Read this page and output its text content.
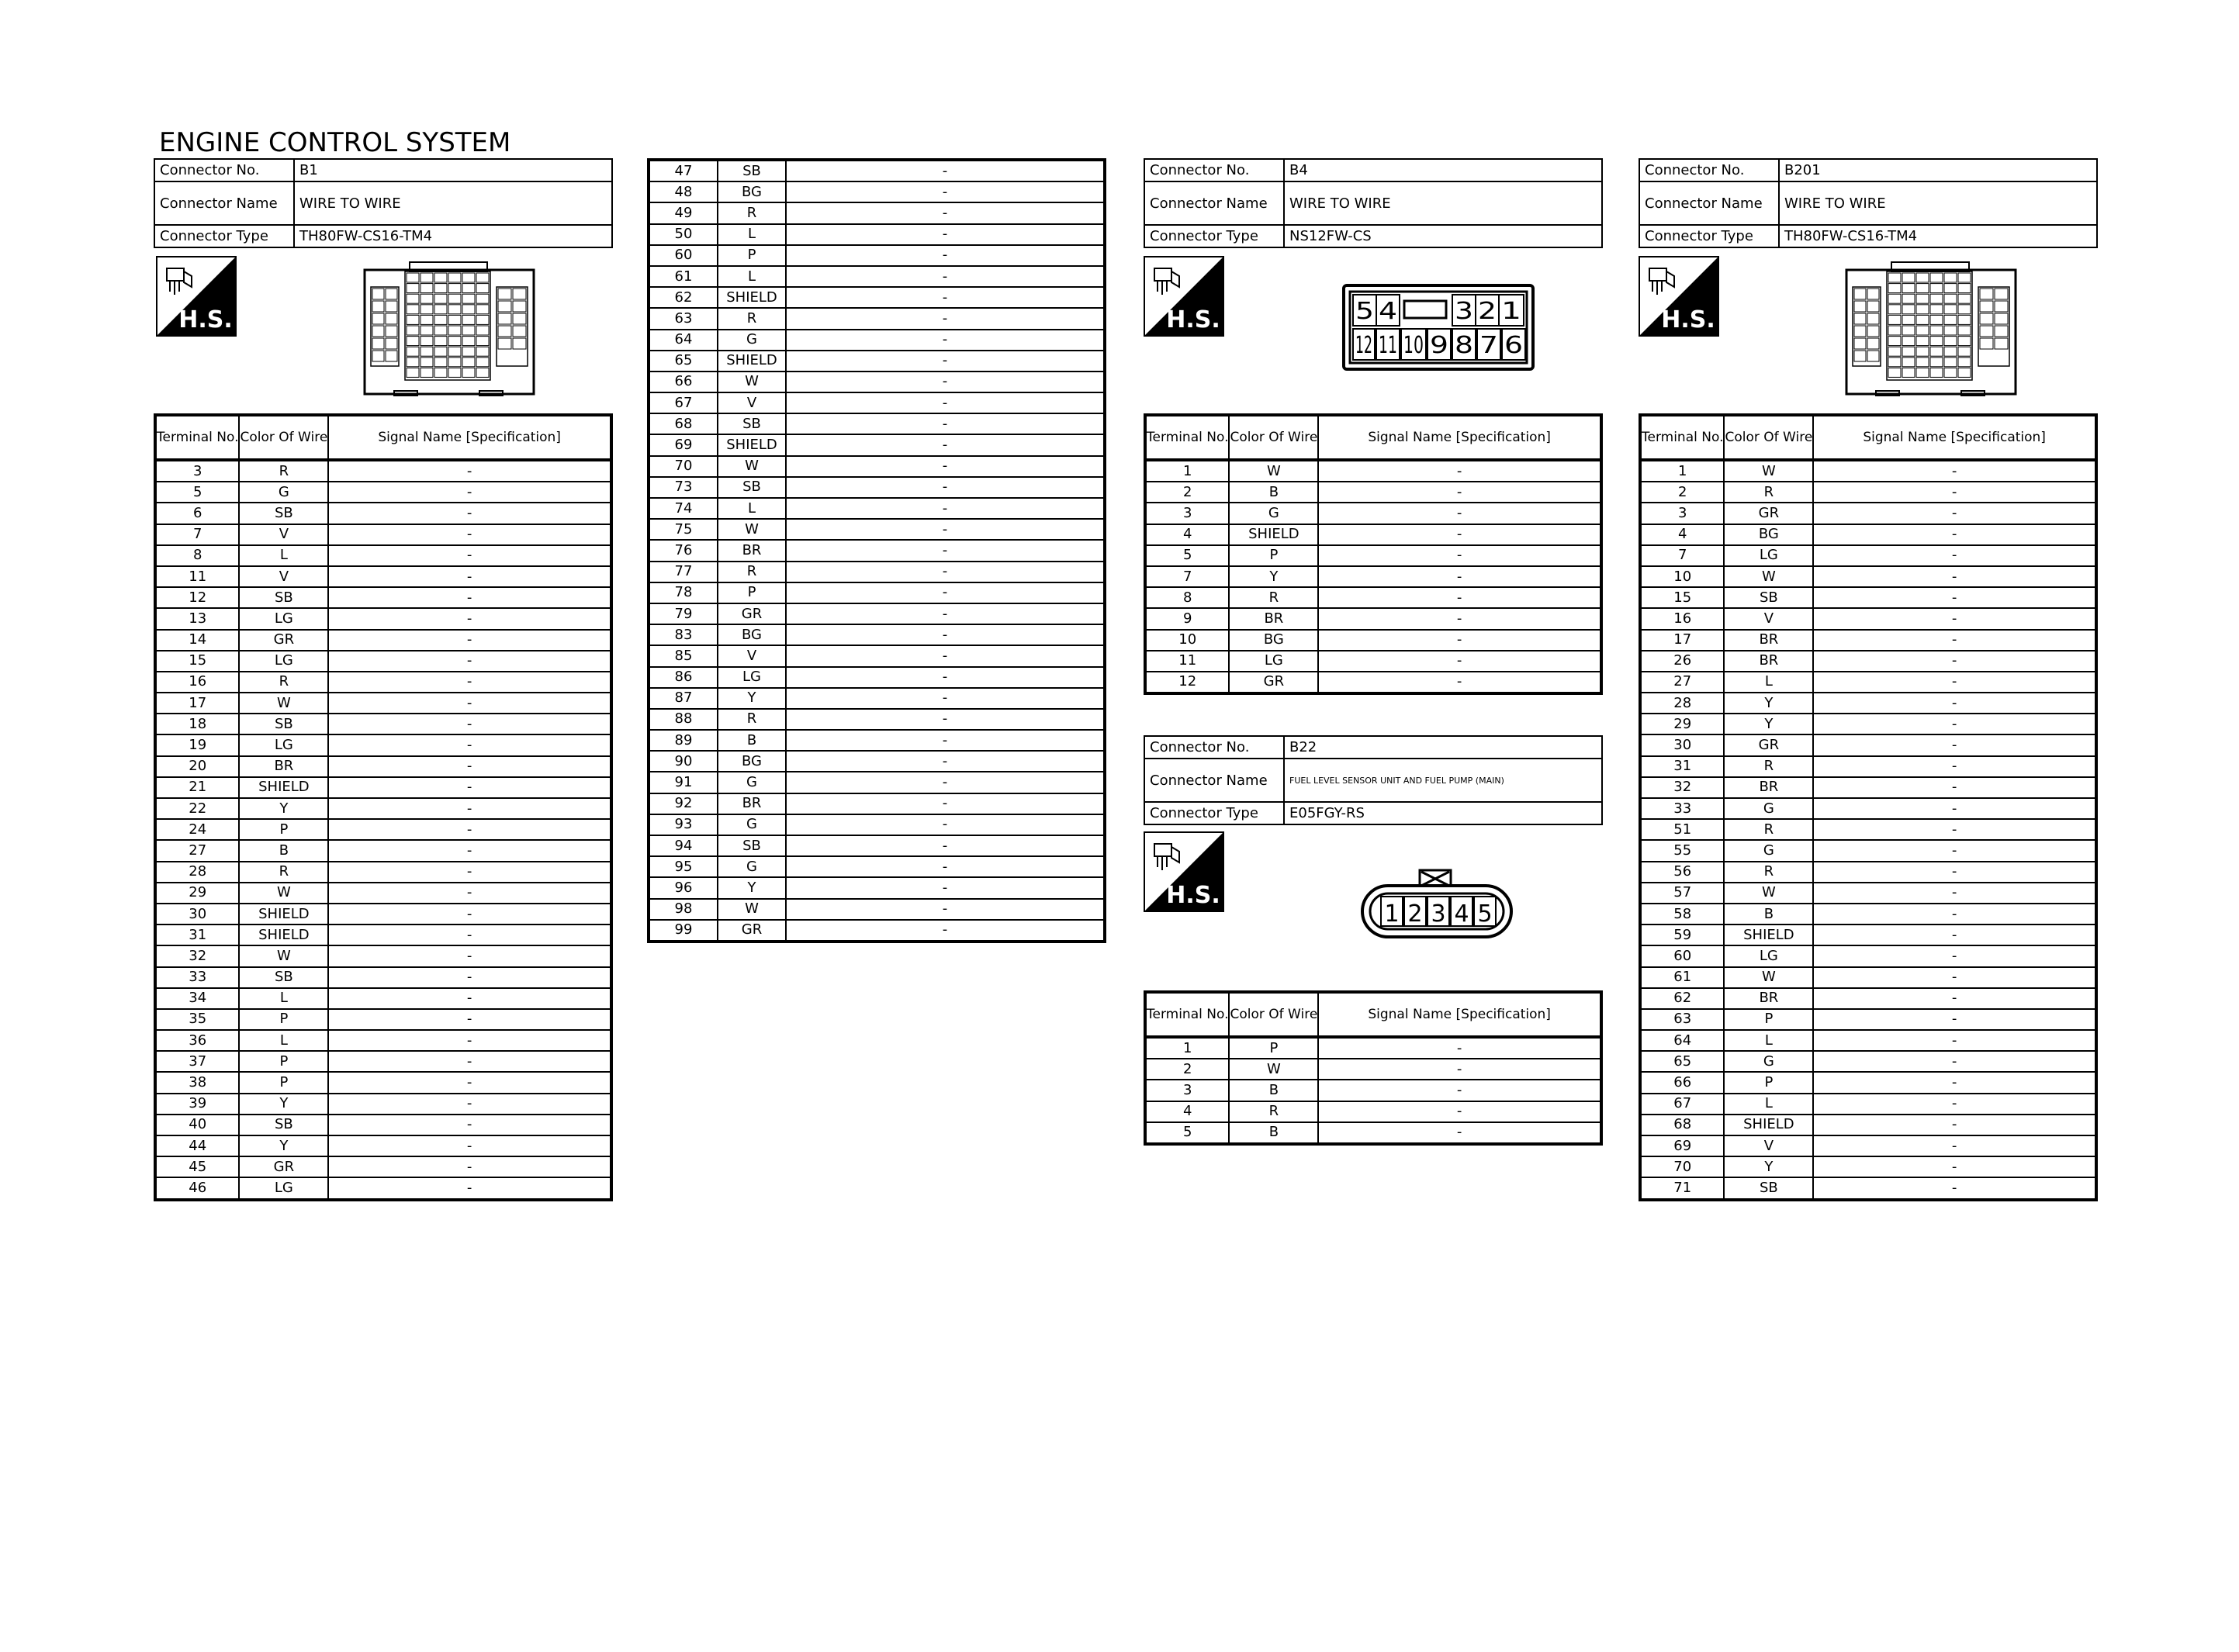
ENGINE CONTROL SYSTEM
Connector No.	B1
Connector Name	WIRE TO WIRE
Connector Type	TH80FW-CS16-TM4
Connector No.	B4
Connector Name	WIRE TO WIRE
Connector Type	NS12FW-CS
Connector No.	B201
Connector Name	WIRE TO WIRE
Connector Type	TH80FW-CS16-TM4
Connector No.	B22
Connector Name	FUEL LEVEL SENSOR UNIT AND FUEL PUMP (MAIN)
Connector Type	E05FGY-RS
H.S.	H.S.	H.S.
H.S.
5 4 3 2 1
12 11 10 9 8 7 6
1 2 3 4 5
Terminal No.	Color Of Wire	Signal Name [Specification]
3	R	-
5	G	-
6	SB	-
7	V	-
8	L	-
11	V	-
12	SB	-
13	LG	-
14	GR	-
15	LG	-
16	R	-
17	W	-
18	SB	-
19	LG	-
20	BR	-
21	SHIELD	-
22	Y	-
24	P	-
27	B	-
28	R	-
29	W	-
30	SHIELD	-
31	SHIELD	-
32	W	-
33	SB	-
34	L	-
35	P	-
36	L	-
37	P	-
38	P	-
39	Y	-
40	SB	-
44	Y	-
45	GR	-
46	LG	-
47	SB	-
48	BG	-
49	R	-
50	L	-
60	P	-
61	L	-
62	SHIELD	-
63	R	-
64	G	-
65	SHIELD	-
66	W	-
67	V	-
68	SB	-
69	SHIELD	-
70	W	-
73	SB	-
74	L	-
75	W	-
76	BR	-
77	R	-
78	P	-
79	GR	-
83	BG	-
85	V	-
86	LG	-
87	Y	-
88	R	-
89	B	-
90	BG	-
91	G	-
92	BR	-
93	G	-
94	SB	-
95	G	-
96	Y	-
98	W	-
99	GR	-
Terminal No.	Color Of Wire	Signal Name [Specification]
1	W	-
2	B	-
3	G	-
4	SHIELD	-
5	P	-
7	Y	-
8	R	-
9	BR	-
10	BG	-
11	LG	-
12	GR	-
Terminal No.	Color Of Wire	Signal Name [Specification]
1	P	-
2	W	-
3	B	-
4	R	-
5	B	-
Terminal No.	Color Of Wire	Signal Name [Specification]
1	W	-
2	R	-
3	GR	-
4	BG	-
7	LG	-
10	W	-
15	SB	-
16	V	-
17	BR	-
26	BR	-
27	L	-
28	Y	-
29	Y	-
30	GR	-
31	R	-
32	BR	-
33	G	-
51	R	-
55	G	-
56	R	-
57	W	-
58	B	-
59	SHIELD	-
60	LG	-
61	W	-
62	BR	-
63	P	-
64	L	-
65	G	-
66	P	-
67	L	-
68	SHIELD	-
69	V	-
70	Y	-
71	SB	-
